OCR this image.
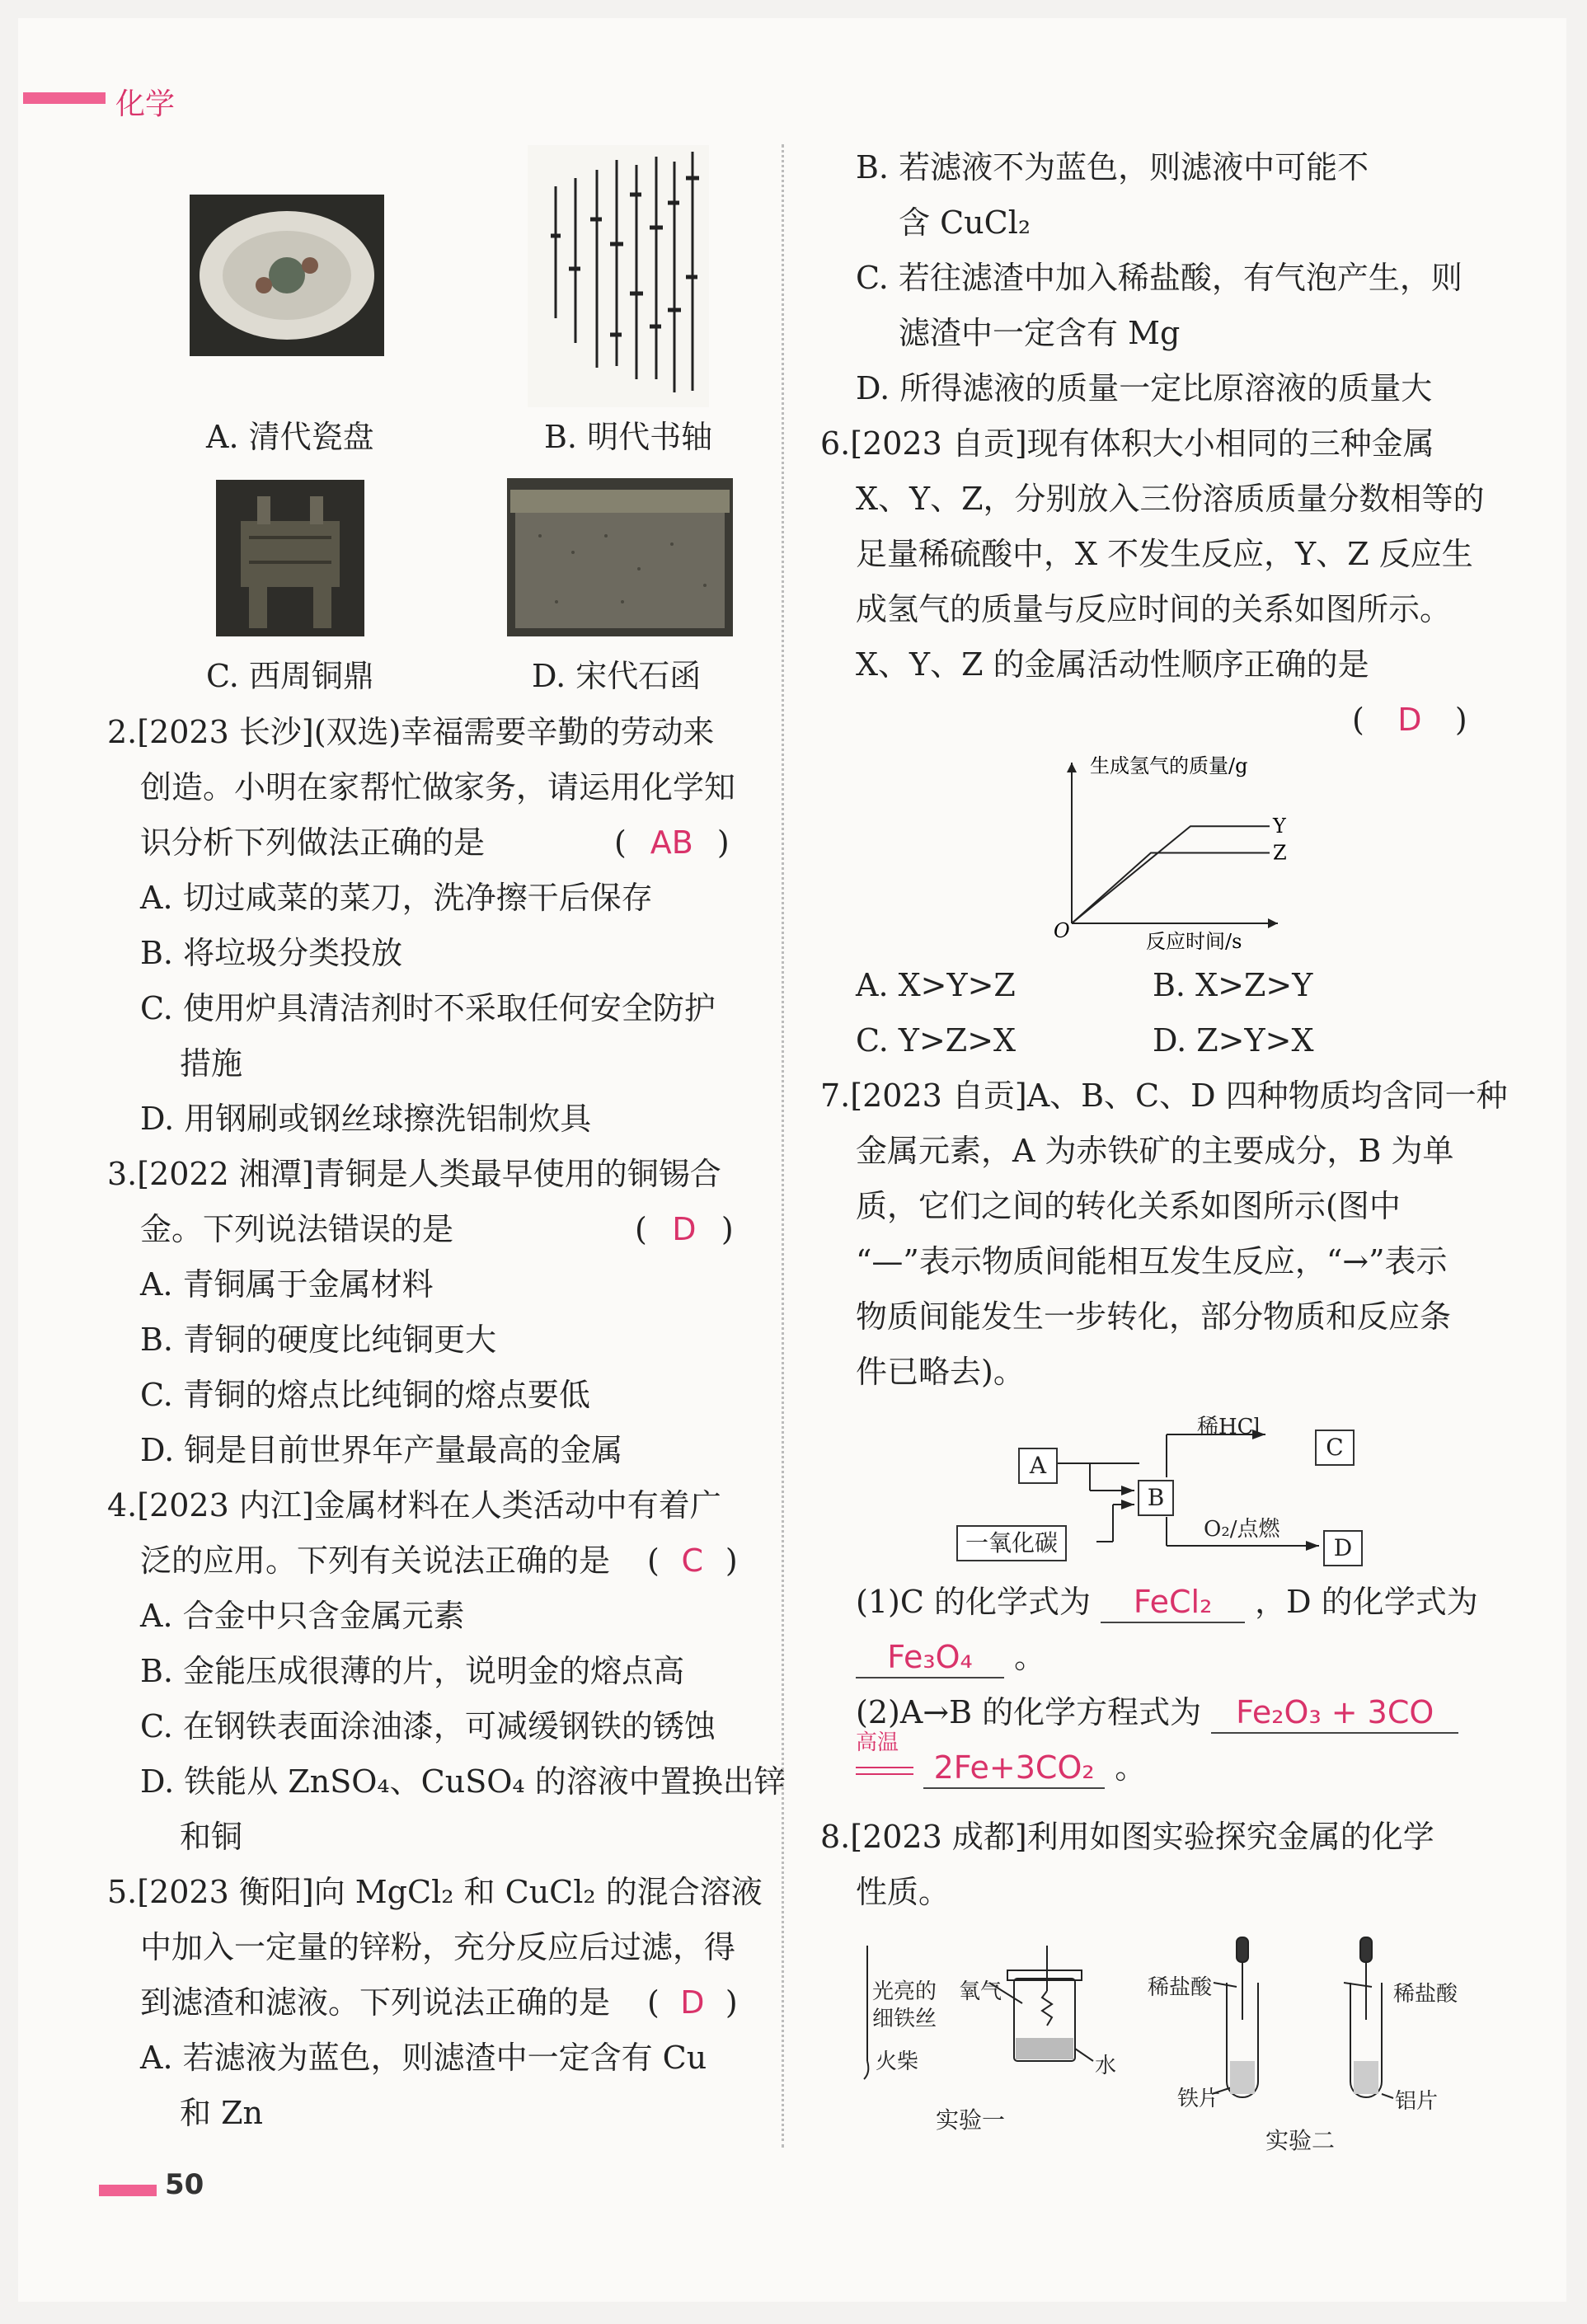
化学
A. 清代瓷盘	B. 明代书轴
C. 西周铜鼎	D. 宋代石函
2.[2023 长沙](双选)幸福需要辛勤的劳动来
创造。小明在家帮忙做家务，请运用化学知
识分析下列做法正确的是	( AB )
A. 切过咸菜的菜刀，洗净擦干后保存
B. 将垃圾分类投放
C. 使用炉具清洁剂时不采取任何安全防护
措施
D. 用钢刷或钢丝球擦洗铝制炊具
3.[2022 湘潭]青铜是人类最早使用的铜锡合
金。下列说法错误的是	( D )
A. 青铜属于金属材料
B. 青铜的硬度比纯铜更大
C. 青铜的熔点比纯铜的熔点要低
D. 铜是目前世界年产量最高的金属
4.[2023 内江]金属材料在人类活动中有着广
泛的应用。下列有关说法正确的是 ( C )
A. 合金中只含金属元素
B. 金能压成很薄的片，说明金的熔点高
C. 在钢铁表面涂油漆，可减缓钢铁的锈蚀
D. 铁能从 ZnSO₄、CuSO₄ 的溶液中置换出锌
和铜
5.[2023 衡阳]向 MgCl₂ 和 CuCl₂ 的混合溶液
中加入一定量的锌粉，充分反应后过滤，得
到滤渣和滤液。下列说法正确的是 ( D )
A. 若滤液为蓝色，则滤渣中一定含有 Cu
和 Zn
50
B. 若滤液不为蓝色，则滤液中可能不
含 CuCl₂
C. 若往滤渣中加入稀盐酸，有气泡产生，则
滤渣中一定含有 Mg
D. 所得滤液的质量一定比原溶液的质量大
6.[2023 自贡]现有体积大小相同的三种金属
X、Y、Z，分别放入三份溶质质量分数相等的
足量稀硫酸中，X 不发生反应，Y、Z 反应生
成氢气的质量与反应时间的关系如图所示。
X、Y、Z 的金属活动性顺序正确的是
( D )
生成氢气的质量/g
反应时间/s
O
Y
Z
A. X>Y>Z	B. X>Z>Y
C. Y>Z>X	D. Z>Y>X
7.[2023 自贡]A、B、C、D 四种物质均含同一种
金属元素，A 为赤铁矿的主要成分，B 为单
质，它们之间的转化关系如图所示(图中
“—”表示物质间能相互发生反应，“→”表示
物质间能发生一步转化，部分物质和反应条
件已略去)。
A
B
C
D
一氧化碳
稀HCl
O₂/点燃
(1)C 的化学式为 FeCl₂ ，D 的化学式为
Fe₃O₄ 。
(2)A→B 的化学方程式为 Fe₂O₃ + 3CO
高温
2Fe+3CO₂ 。
8.[2023 成都]利用如图实验探究金属的化学
性质。
光亮的
细铁丝
火柴
氧气
水
实验一
稀盐酸	稀盐酸
铁片	铝片
实验二
